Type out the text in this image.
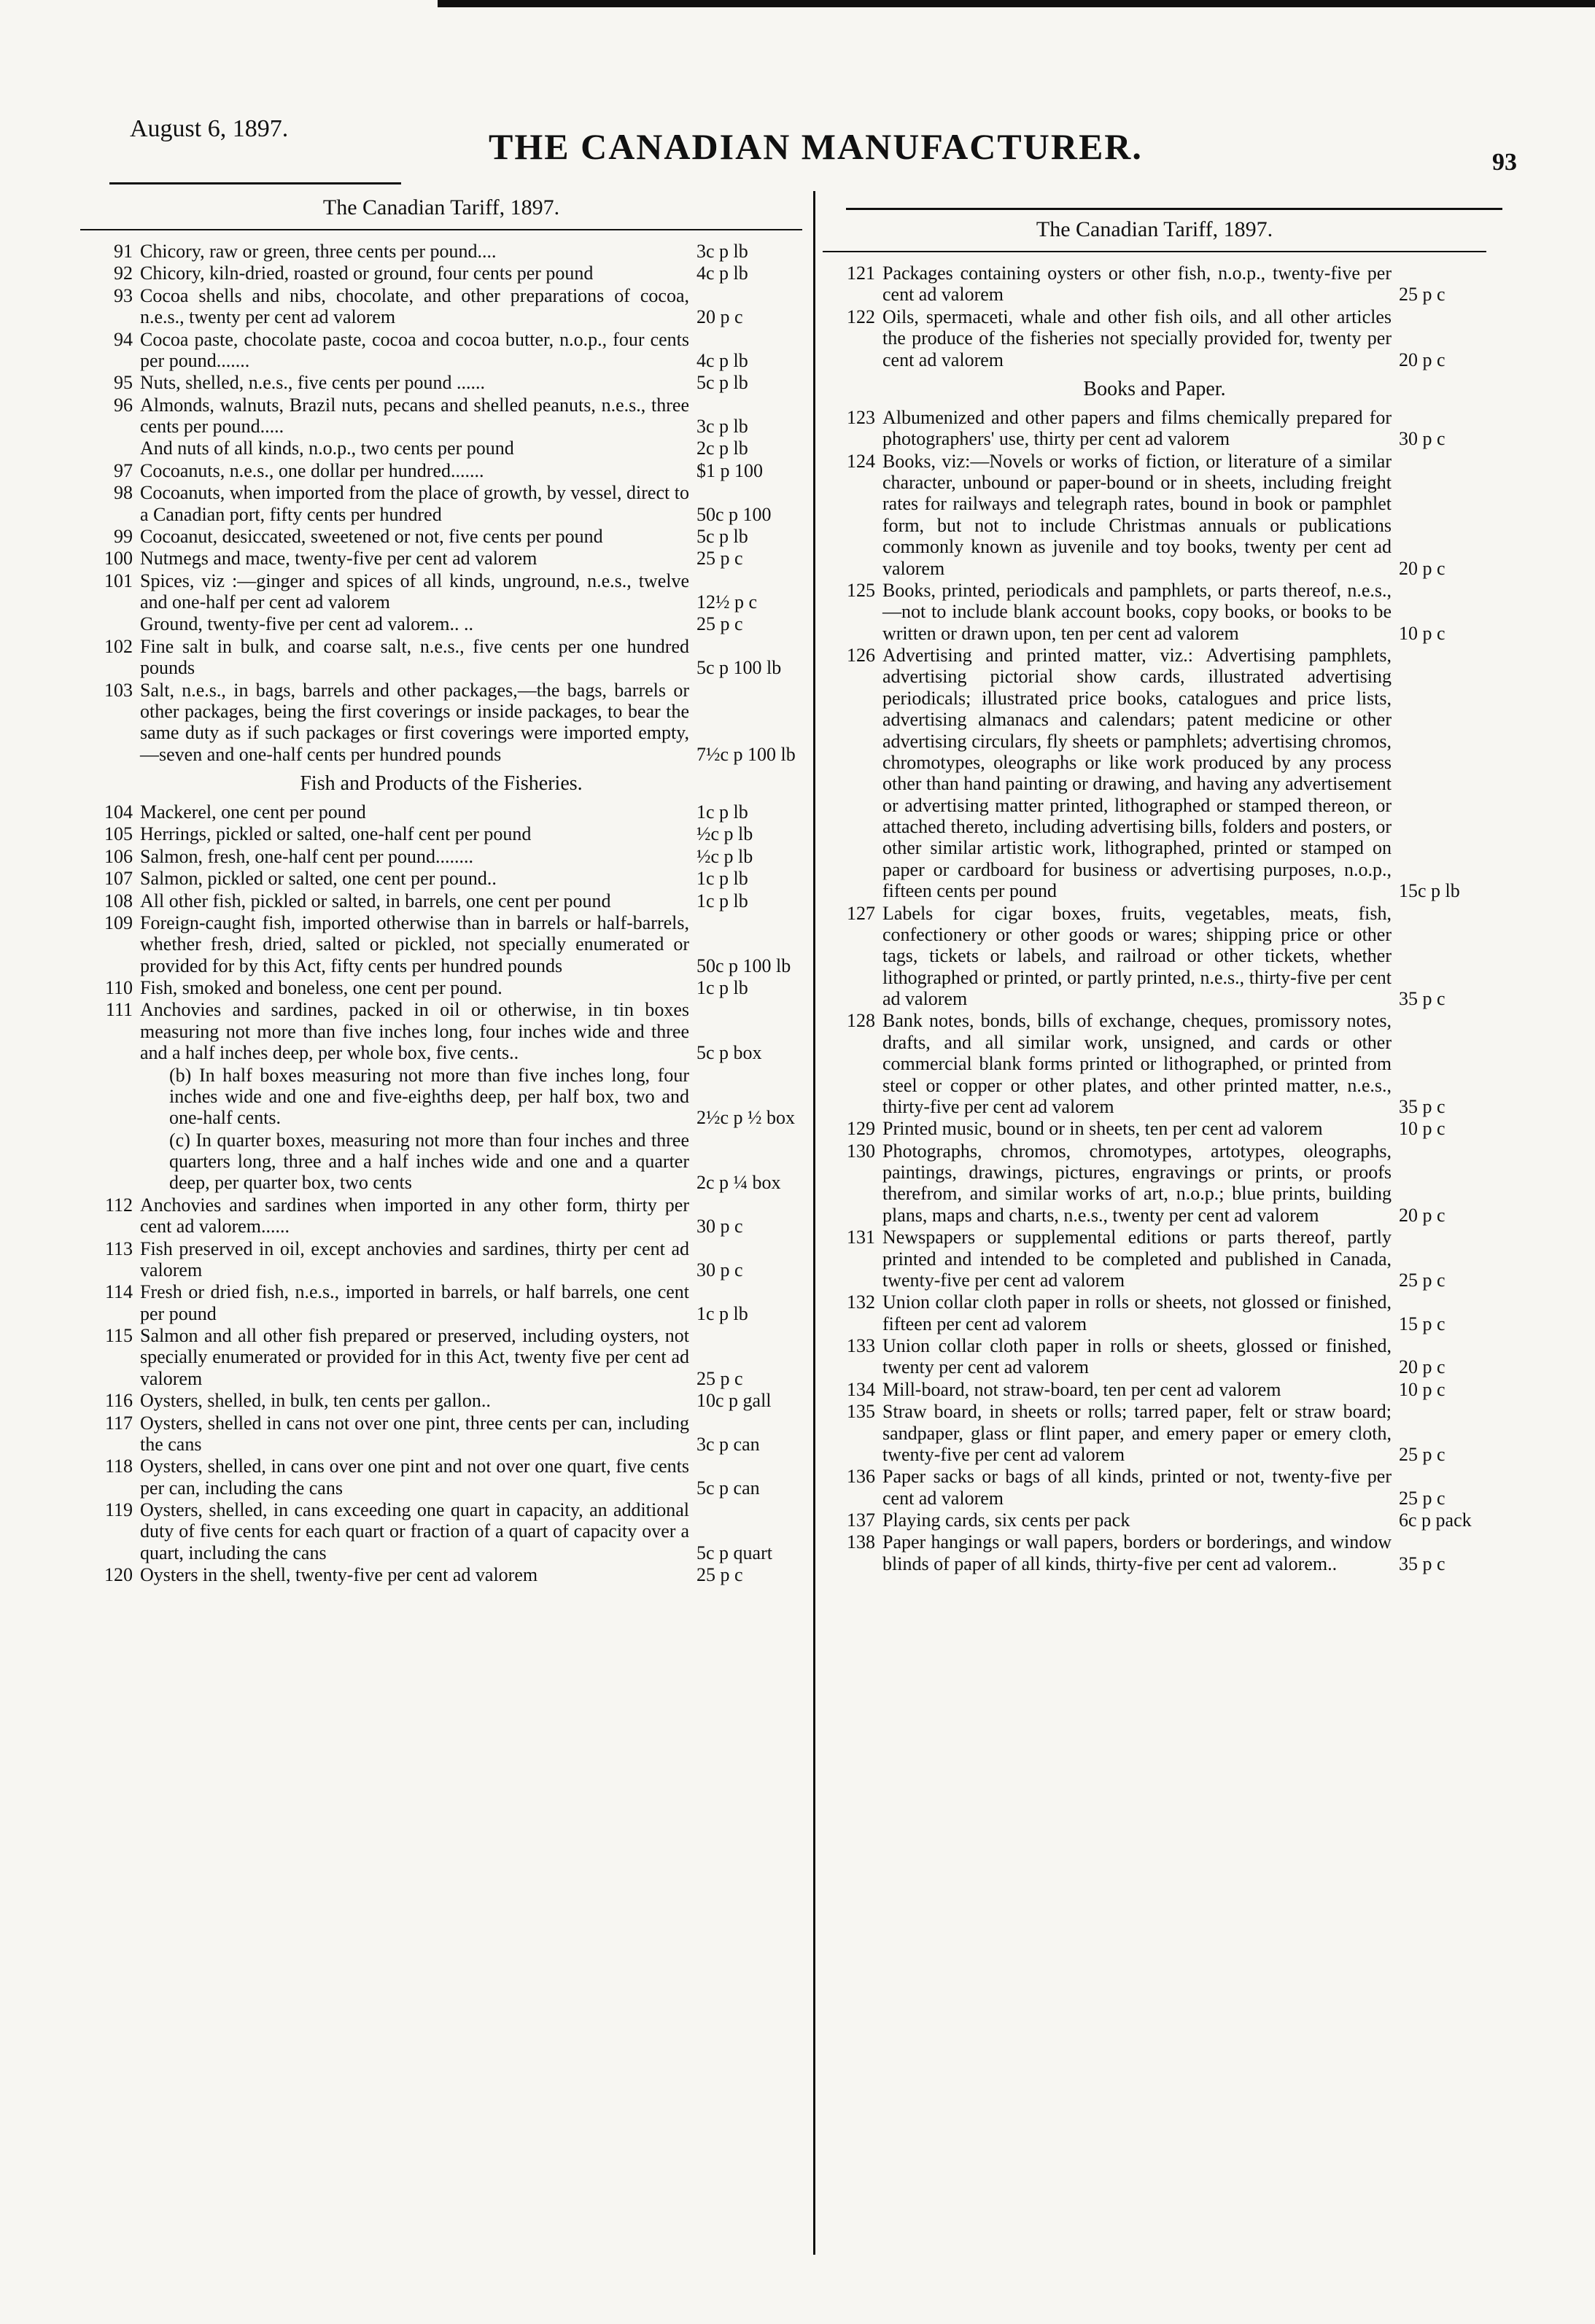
August 6, 1897.	THE CANADIAN MANUFACTURER.	93
The Canadian Tariff, 1897.
91 Chicory, raw or green, three cents per pound....	3c p lb
92 Chicory, kiln-dried, roasted or ground, four cents per pound	4c p lb
93 Cocoa shells and nibs, chocolate, and other preparations of cocoa, n.e.s., twenty per cent ad valorem	20 p c
94 Cocoa paste, chocolate paste, cocoa and cocoa butter, n.o.p., four cents per pound.......	4c p lb
95 Nuts, shelled, n.e.s., five cents per pound ......	5c p lb
96 Almonds, walnuts, Brazil nuts, pecans and shelled peanuts, n.e.s., three cents per pound.....	3c p lb
And nuts of all kinds, n.o.p., two cents per pound	2c p lb
97 Cocoanuts, n.e.s., one dollar per hundred.......	$1 p 100
98 Cocoanuts, when imported from the place of growth, by vessel, direct to a Canadian port, fifty cents per hundred	50c p 100
99 Cocoanut, desiccated, sweetened or not, five cents per pound	5c p lb
100 Nutmegs and mace, twenty-five per cent ad valorem	25 p c
101 Spices, viz :—ginger and spices of all kinds, unground, n.e.s., twelve and one-half per cent ad valorem	12½ p c
Ground, twenty-five per cent ad valorem.. ..	25 p c
102 Fine salt in bulk, and coarse salt, n.e.s., five cents per one hundred pounds	5c p 100 lb
103 Salt, n.e.s., in bags, barrels and other packages,—the bags, barrels or other packages, being the first coverings or inside packages, to bear the same duty as if such packages or first coverings were imported empty,—seven and one-half cents per hundred pounds	7½c p 100 lb
Fish and Products of the Fisheries.
104 Mackerel, one cent per pound	1c p lb
105 Herrings, pickled or salted, one-half cent per pound	½c p lb
106 Salmon, fresh, one-half cent per pound........	½c p lb
107 Salmon, pickled or salted, one cent per pound..	1c p lb
108 All other fish, pickled or salted, in barrels, one cent per pound	1c p lb
109 Foreign-caught fish, imported otherwise than in barrels or half-barrels, whether fresh, dried, salted or pickled, not specially enumerated or provided for by this Act, fifty cents per hundred pounds	50c p 100 lb
110 Fish, smoked and boneless, one cent per pound.	1c p lb
111 Anchovies and sardines, packed in oil or otherwise, in tin boxes measuring not more than five inches long, four inches wide and three and a half inches deep, per whole box, five cents..	5c p box
(b) In half boxes measuring not more than five inches long, four inches wide and one and five-eighths deep, per half box, two and one-half cents.	2½c p ½ box
(c) In quarter boxes, measuring not more than four inches and three quarters long, three and a half inches wide and one and a quarter deep, per quarter box, two cents	2c p ¼ box
112 Anchovies and sardines when imported in any other form, thirty per cent ad valorem......	30 p c
113 Fish preserved in oil, except anchovies and sardines, thirty per cent ad valorem	30 p c
114 Fresh or dried fish, n.e.s., imported in barrels, or half barrels, one cent per pound	1c p lb
115 Salmon and all other fish prepared or preserved, including oysters, not specially enumerated or provided for in this Act, twenty five per cent ad valorem	25 p c
116 Oysters, shelled, in bulk, ten cents per gallon..	10c p gall
117 Oysters, shelled in cans not over one pint, three cents per can, including the cans	3c p can
118 Oysters, shelled, in cans over one pint and not over one quart, five cents per can, including the cans	5c p can
119 Oysters, shelled, in cans exceeding one quart in capacity, an additional duty of five cents for each quart or fraction of a quart of capacity over a quart, including the cans	5c p quart
120 Oysters in the shell, twenty-five per cent ad valorem	25 p c
The Canadian Tariff, 1897.
121 Packages containing oysters or other fish, n.o.p., twenty-five per cent ad valorem	25 p c
122 Oils, spermaceti, whale and other fish oils, and all other articles the produce of the fisheries not specially provided for, twenty per cent ad valorem	20 p c
Books and Paper.
123 Albumenized and other papers and films chemically prepared for photographers' use, thirty per cent ad valorem	30 p c
124 Books, viz:—Novels or works of fiction, or literature of a similar character, unbound or paper-bound or in sheets, including freight rates for railways and telegraph rates, bound in book or pamphlet form, but not to include Christmas annuals or publications commonly known as juvenile and toy books, twenty per cent ad valorem	20 p c
125 Books, printed, periodicals and pamphlets, or parts thereof, n.e.s.,—not to include blank account books, copy books, or books to be written or drawn upon, ten per cent ad valorem	10 p c
126 Advertising and printed matter, viz.: Advertising pamphlets, advertising pictorial show cards, illustrated advertising periodicals; illustrated price books, catalogues and price lists, advertising almanacs and calendars; patent medicine or other advertising circulars, fly sheets or pamphlets; advertising chromos, chromotypes, oleographs or like work produced by any process other than hand painting or drawing, and having any advertisement or advertising matter printed, lithographed or stamped thereon, or attached thereto, including advertising bills, folders and posters, or other similar artistic work, lithographed, printed or stamped on paper or cardboard for business or advertising purposes, n.o.p., fifteen cents per pound	15c p lb
127 Labels for cigar boxes, fruits, vegetables, meats, fish, confectionery or other goods or wares; shipping price or other tags, tickets or labels, and railroad or other tickets, whether lithographed or printed, or partly printed, n.e.s., thirty-five per cent ad valorem	35 p c
128 Bank notes, bonds, bills of exchange, cheques, promissory notes, drafts, and all similar work, unsigned, and cards or other commercial blank forms printed or lithographed, or printed from steel or copper or other plates, and other printed matter, n.e.s., thirty-five per cent ad valorem	35 p c
129 Printed music, bound or in sheets, ten per cent ad valorem	10 p c
130 Photographs, chromos, chromotypes, artotypes, oleographs, paintings, drawings, pictures, engravings or prints, or proofs therefrom, and similar works of art, n.o.p.; blue prints, building plans, maps and charts, n.e.s., twenty per cent ad valorem	20 p c
131 Newspapers or supplemental editions or parts thereof, partly printed and intended to be completed and published in Canada, twenty-five per cent ad valorem	25 p c
132 Union collar cloth paper in rolls or sheets, not glossed or finished, fifteen per cent ad valorem	15 p c
133 Union collar cloth paper in rolls or sheets, glossed or finished, twenty per cent ad valorem	20 p c
134 Mill-board, not straw-board, ten per cent ad valorem	10 p c
135 Straw board, in sheets or rolls; tarred paper, felt or straw board; sandpaper, glass or flint paper, and emery paper or emery cloth, twenty-five per cent ad valorem	25 p c
136 Paper sacks or bags of all kinds, printed or not, twenty-five per cent ad valorem	25 p c
137 Playing cards, six cents per pack	6c p pack
138 Paper hangings or wall papers, borders or borderings, and window blinds of paper of all kinds, thirty-five per cent ad valorem..	35 p c
